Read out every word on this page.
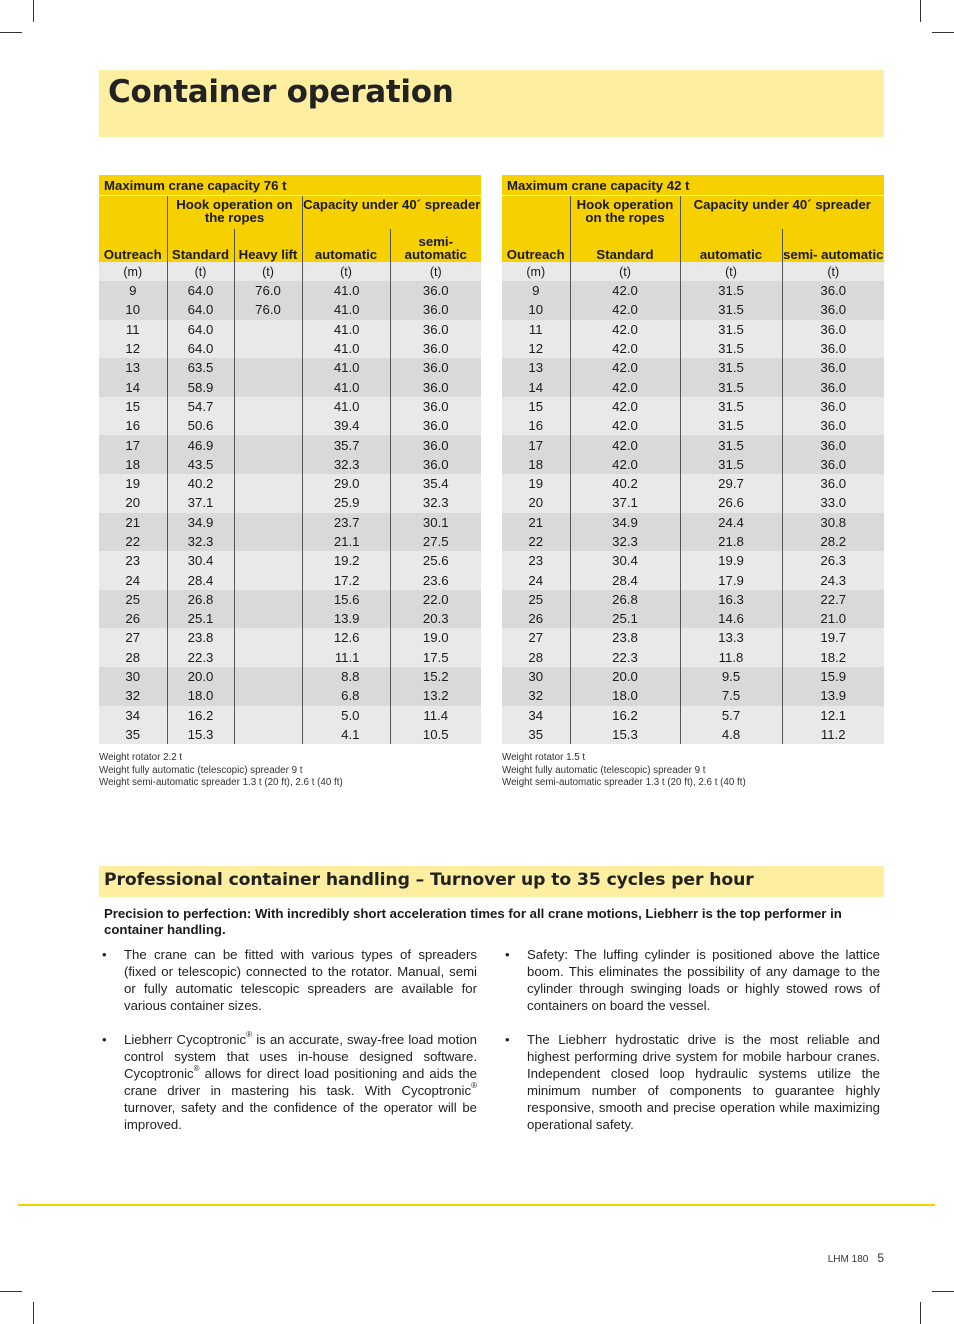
Container operation
Maximum crane capacity 76 t				
	Hook operation on the ropes		Capacity under 40´ spreader	
Outreach	Standard	Heavy lift	automatic	semi- automatic
(m)	(t)	(t)	(t)	(t)
9	64.0	76.0	41.0	36.0
10	64.0	76.0	41.0	36.0
11	64.0		41.0	36.0
12	64.0		41.0	36.0
13	63.5		41.0	36.0
14	58.9		41.0	36.0
15	54.7		41.0	36.0
16	50.6		39.4	36.0
17	46.9		35.7	36.0
18	43.5		32.3	36.0
19	40.2		29.0	35.4
20	37.1		25.9	32.3
21	34.9		23.7	30.1
22	32.3		21.1	27.5
23	30.4		19.2	25.6
24	28.4		17.2	23.6
25	26.8		15.6	22.0
26	25.1		13.9	20.3
27	23.8		12.6	19.0
28	22.3		11.1	17.5
30	20.0		8.8	15.2
32	18.0		6.8	13.2
34	16.2		5.0	11.4
35	15.3		4.1	10.5
Weight rotator 2.2 t
Weight fully automatic (telescopic) spreader 9 t
Weight semi-automatic spreader 1.3 t (20 ft), 2.6 t (40 ft)
Maximum crane capacity 42 t			
	Hook operation on the ropes	Capacity under 40´ spreader	
Outreach	Standard	automatic	semi- automatic
(m)	(t)	(t)	(t)
9	42.0	31.5	36.0
10	42.0	31.5	36.0
11	42.0	31.5	36.0
12	42.0	31.5	36.0
13	42.0	31.5	36.0
14	42.0	31.5	36.0
15	42.0	31.5	36.0
16	42.0	31.5	36.0
17	42.0	31.5	36.0
18	42.0	31.5	36.0
19	40.2	29.7	36.0
20	37.1	26.6	33.0
21	34.9	24.4	30.8
22	32.3	21.8	28.2
23	30.4	19.9	26.3
24	28.4	17.9	24.3
25	26.8	16.3	22.7
26	25.1	14.6	21.0
27	23.8	13.3	19.7
28	22.3	11.8	18.2
30	20.0	9.5	15.9
32	18.0	7.5	13.9
34	16.2	5.7	12.1
35	15.3	4.8	11.2
Weight rotator 1.5 t
Weight fully automatic (telescopic) spreader 9 t
Weight semi-automatic spreader 1.3 t (20 ft), 2.6 t (40 ft)
Professional container handling – Turnover up to 35 cycles per hour
Precision to perfection: With incredibly short acceleration times for all crane motions, Liebherr is the top performer in container handling.
• The crane can be fitted with various types of spreaders (fixed or telescopic) connected to the rotator. Manual, semi or fully automatic telescopic spreaders are available for various container sizes.
• Liebherr Cycoptronic® is an accurate, sway-free load motion control system that uses in-house designed software. Cycoptronic® allows for direct load positioning and aids the crane driver in mastering his task. With Cycoptronic® turnover, safety and the confidence of the operator will be improved.
• Safety: The luffing cylinder is positioned above the lattice boom. This eliminates the possibility of any damage to the cylinder through swinging loads or highly stowed rows of containers on board the vessel.
• The Liebherr hydrostatic drive is the most reliable and highest performing drive system for mobile harbour cranes. Independent closed loop hydraulic systems utilize the minimum number of components to guarantee highly responsive, smooth and precise operation while maximizing operational safety.
LHM 180 5
